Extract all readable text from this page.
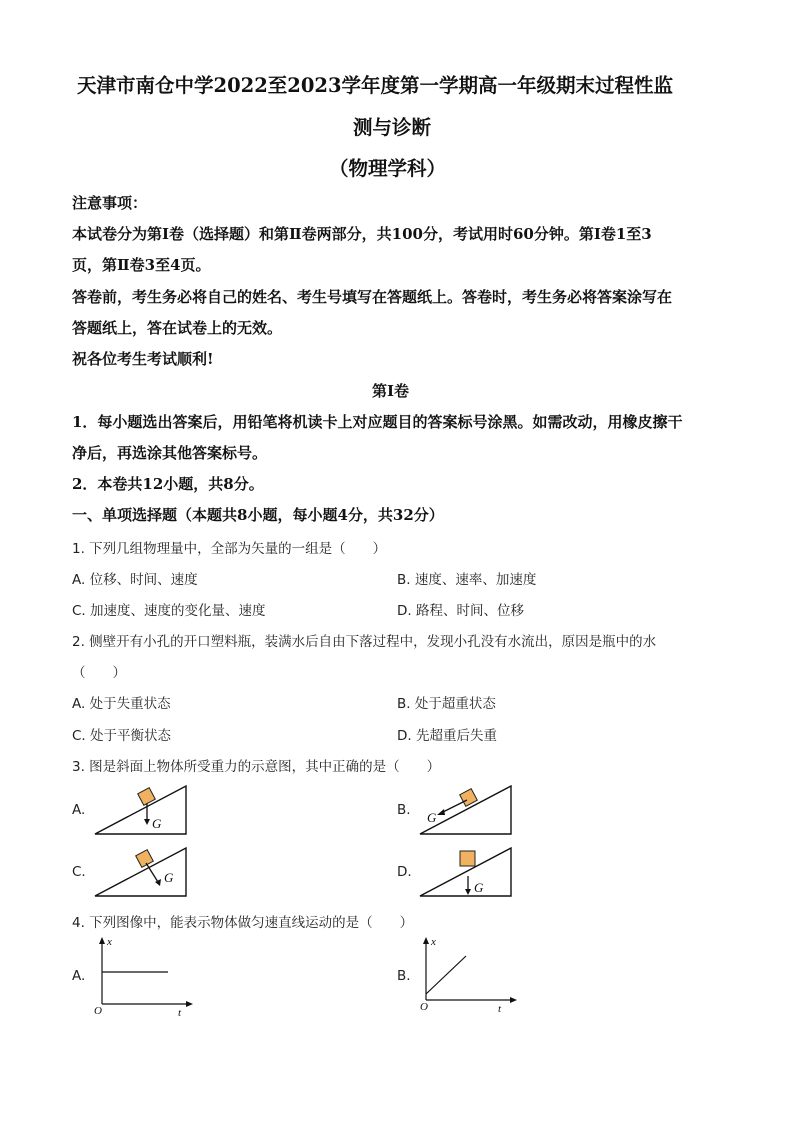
天津市南仓中学2022至2023学年度第一学期高一年级期末过程性监
测与诊断
（物理学科）
注意事项：
本试卷分为第Ⅰ卷（选择题）和第Ⅱ卷两部分，共100分，考试用时60分钟。第Ⅰ卷1至3
页，第Ⅱ卷3至4页。
答卷前，考生务必将自己的姓名、考生号填写在答题纸上。答卷时，考生务必将答案涂写在
答题纸上，答在试卷上的无效。
祝各位考生考试顺利!
第Ⅰ卷
1．每小题选出答案后，用铅笔将机读卡上对应题目的答案标号涂黑。如需改动，用橡皮擦干
净后，再选涂其他答案标号。
2．本卷共12小题，共8分。
一、单项选择题（本题共8小题，每小题4分，共32分）
1. 下列几组物理量中，全部为矢量的一组是（　　）
A. 位移、时间、速度	B. 速度、速率、加速度
C. 加速度、速度的变化量、速度	D. 路程、时间、位移
2. 侧壁开有小孔的开口塑料瓶，装满水后自由下落过程中，发现小孔没有水流出，原因是瓶中的水
（　　）
A. 处于失重状态	B. 处于超重状态
C. 处于平衡状态	D. 先超重后失重
3. 图是斜面上物体所受重力的示意图，其中正确的是（　　）
A.
G
B. G
C.	G	D.
G
4. 下列图像中，能表示物体做匀速直线运动的是（　　）
A.
x
t
O
B.
x
t
O
